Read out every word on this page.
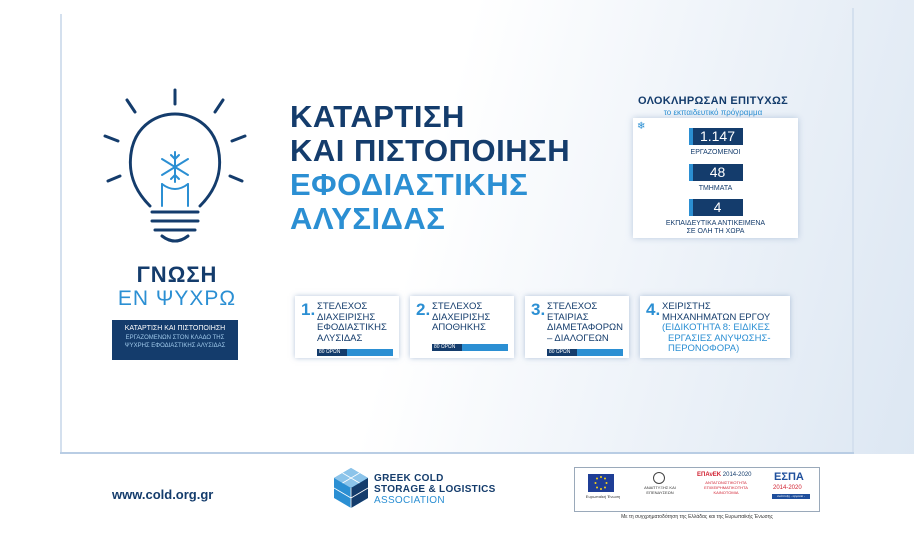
ΓΝΩΣΗ
ΕΝ ΨΥΧΡΩ
ΚΑΤΑΡΤΙΣΗ ΚΑΙ ΠΙΣΤΟΠΟΙΗΣΗ
ΕΡΓΑΖΟΜΕΝΩΝ ΣΤΟΝ ΚΛΑΔΟ ΤΗΣ
ΨΥΧΡΗΣ ΕΦΟΔΙΑΣΤΙΚΗΣ ΑΛΥΣΙΔΑΣ
ΚΑΤΑΡΤΙΣΗ
ΚΑΙ ΠΙΣΤΟΠΟΙΗΣΗ
ΕΦΟΔΙΑΣΤΙΚΗΣ
ΑΛΥΣΙΔΑΣ
ΟΛΟΚΛΗΡΩΣΑΝ ΕΠΙΤΥΧΩΣ
το εκπαιδευτικό πρόγραμμα
❄
1.147
ΕΡΓΑΖΟΜΕΝΟΙ
48
ΤΜΗΜΑΤΑ
4
ΕΚΠΑΙΔΕΥΤΙΚΑ ΑΝΤΙΚΕΙΜΕΝΑ
ΣΕ ΟΛΗ ΤΗ ΧΩΡΑ
1. ΣΤΕΛΕΧΟΣ
ΔΙΑΧΕΙΡΙΣΗΣ
ΕΦΟΔΙΑΣΤΙΚΗΣ
ΑΛΥΣΙΔΑΣ
80 ΩΡΩΝ
2. ΣΤΕΛΕΧΟΣ
ΔΙΑΧΕΙΡΙΣΗΣ
ΑΠΟΘΗΚΗΣ
80 ΩΡΩΝ
3. ΣΤΕΛΕΧΟΣ
ΕΤΑΙΡΙΑΣ
ΔΙΑΜΕΤΑΦΟΡΩΝ
– ΔΙΑΛΟΓΕΩΝ
80 ΩΡΩΝ
4. ΧΕΙΡΙΣΤΗΣ
ΜΗΧΑΝΗΜΑΤΩΝ ΕΡΓΟΥ
(ΕΙΔΙΚΟΤΗΤΑ 8: ΕΙΔΙΚΕΣ
ΕΡΓΑΣΙΕΣ ΑΝΥΨΩΣΗΣ-
ΠΕΡΟΝΟΦΟΡΑ)
www.cold.org.gr
GREEK COLD
STORAGE & LOGISTICS
ASSOCIATION	Ευρωπαϊκή Ένωση
ΑΝΑΠΤΥΞΗΣ ΚΑΙ ΕΠΕΝΔΥΣΕΩΝ
ΕΠΑνΕΚ 2014-2020
ΑΝΤΑΓΩΝΙΣΤΙΚΟΤΗΤΑ ΕΠΙΧΕΙΡΗΜΑΤΙΚΟΤΗΤΑ ΚΑΙΝΟΤΟΜΙΑ
ΕΣΠΑ
2014-2020
ανάπτυξη - εργασία - αλληλεγγύη
Με τη συγχρηματοδότηση της Ελλάδας και της Ευρωπαϊκής Ένωσης
